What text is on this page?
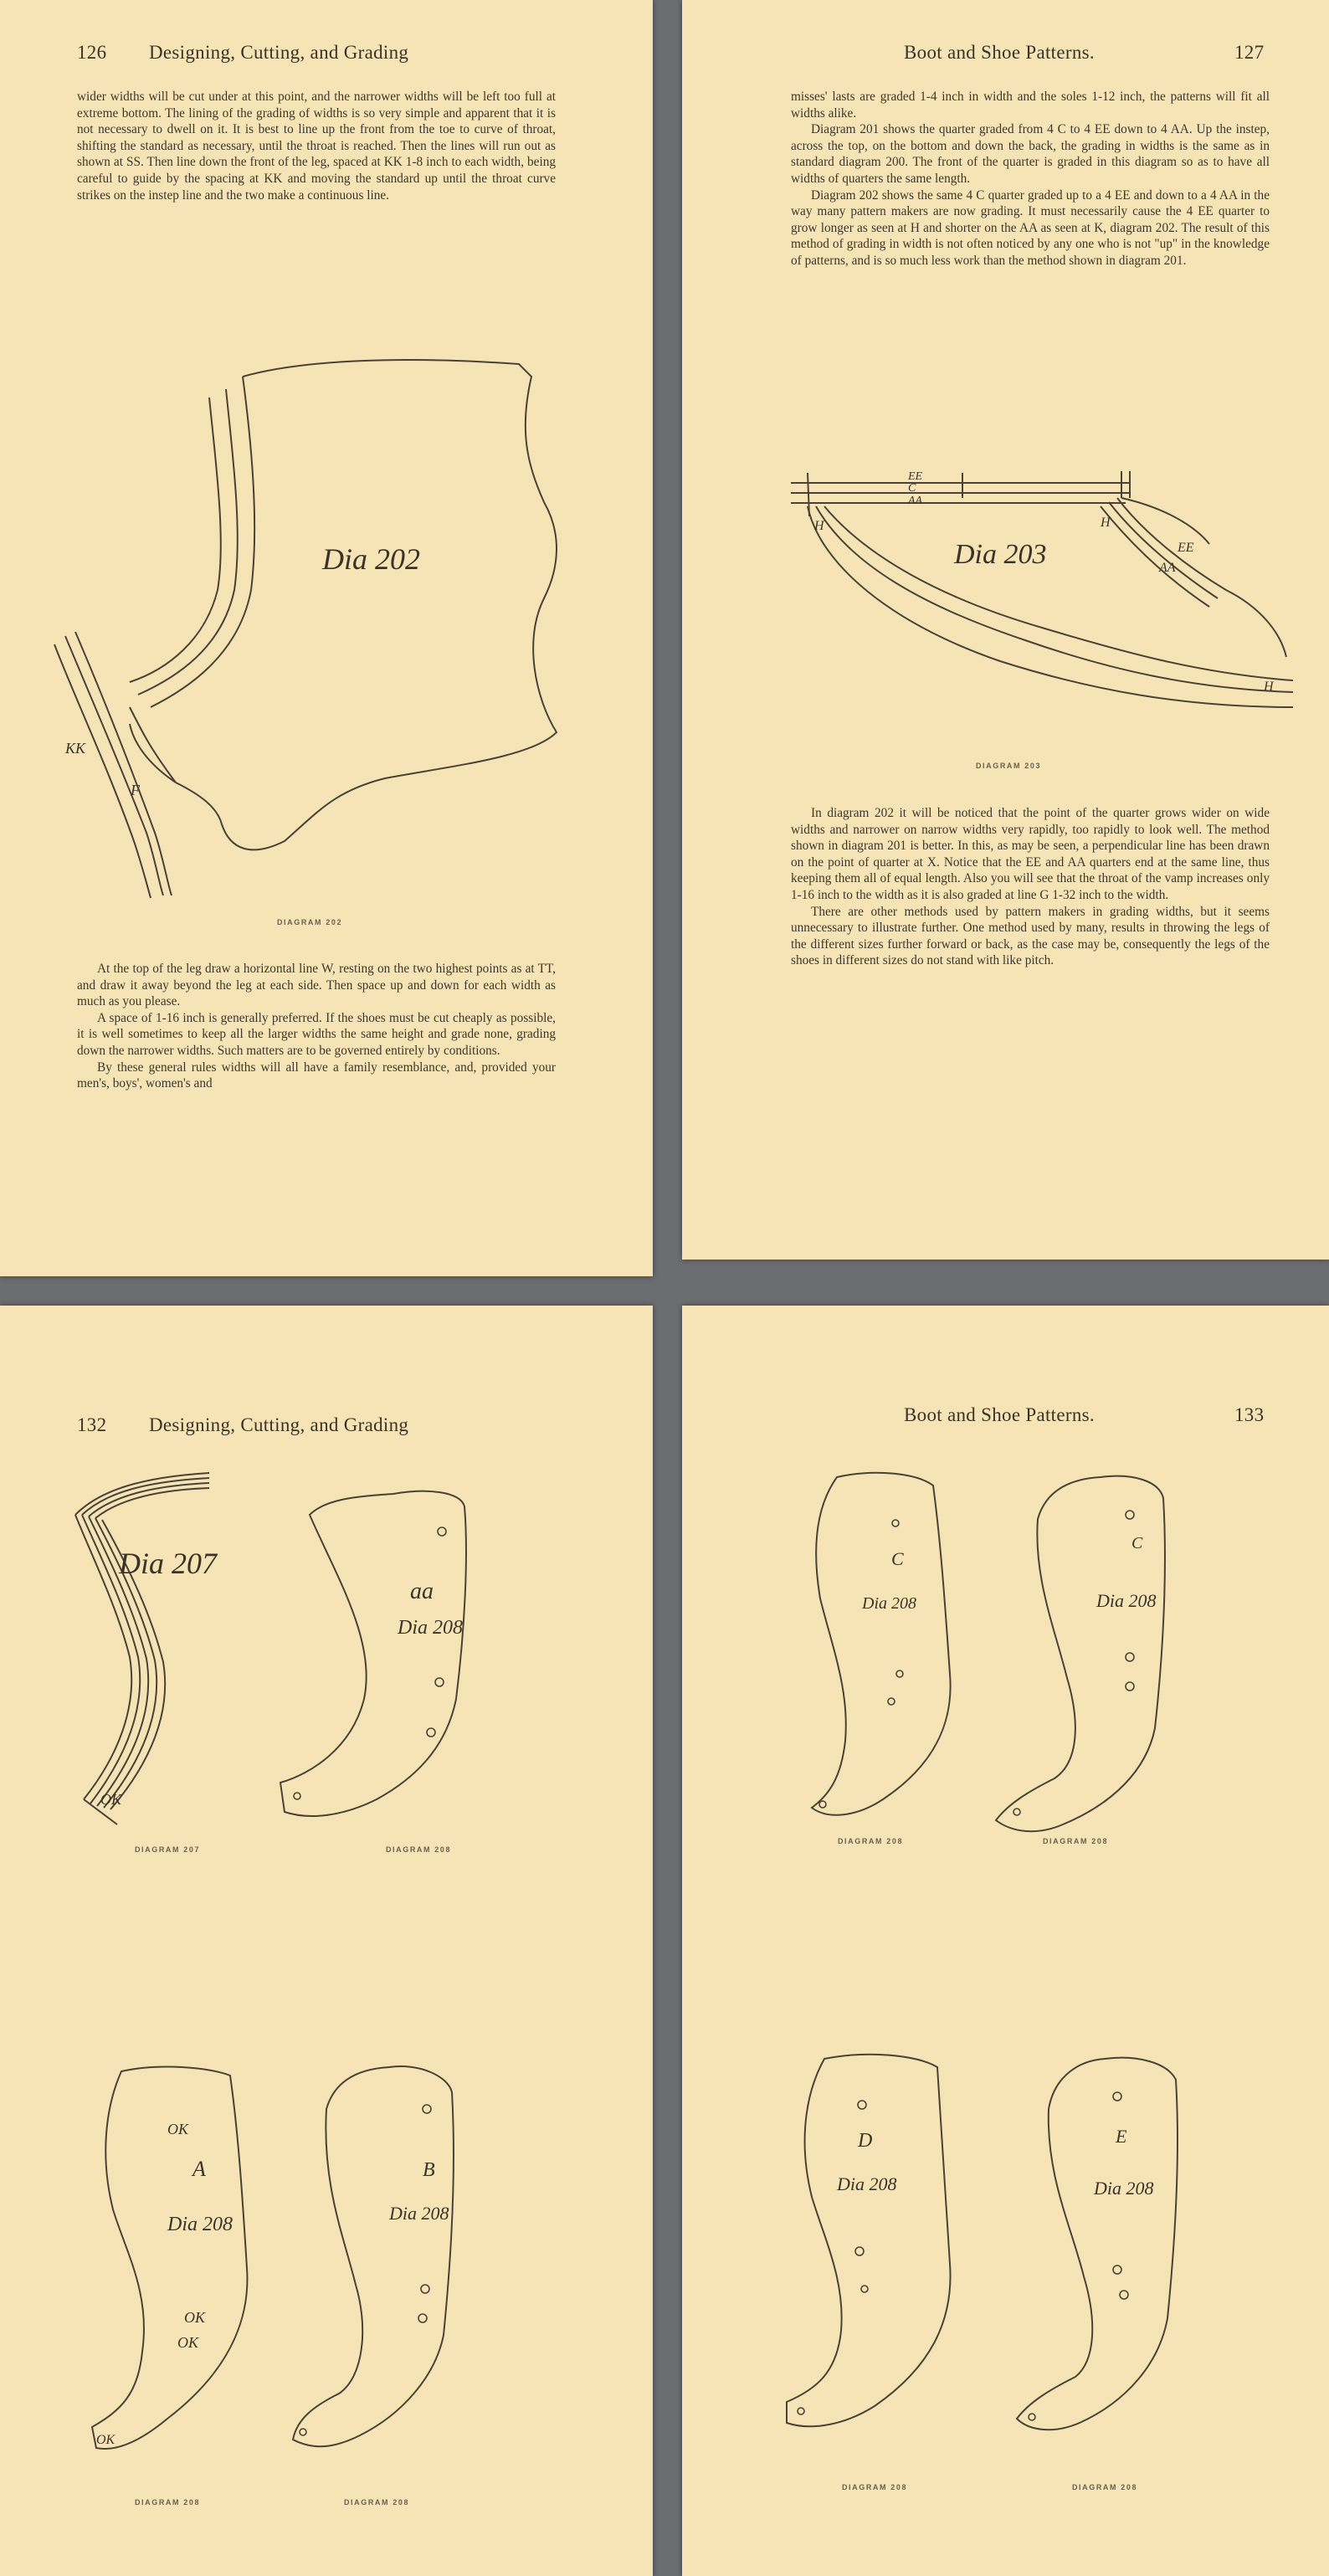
126 Designing, Cutting, and Grading

wider widths will be cut under at this point, and the narrower widths will be left too full at extreme bottom. The lining of the grading of widths is so very simple and apparent that it is not necessary to dwell on it. It is best to line up the front from the toe to curve of throat, shifting the standard as necessary, until the throat is reached. Then the lines will run out as shown at SS. Then line down the front of the leg, spaced at KK 1-8 inch to each width, being careful to guide by the spacing at KK and moving the standard up until the throat curve strikes on the instep line and the two make a continuous line.

Dia 202
KK
F
DIAGRAM 202

At the top of the leg draw a horizontal line W, resting on the two highest points as at TT, and draw it away beyond the leg at each side. Then space up and down for each width as much as you please.

A space of 1-16 inch is generally preferred. If the shoes must be cut cheaply as possible, it is well sometimes to keep all the larger widths the same height and grade none, grading down the narrower widths. Such matters are to be governed entirely by conditions.

By these general rules widths will all have a family resemblance, and, provided your men's, boys', women's and

Boot and Shoe Patterns.	127

misses' lasts are graded 1-4 inch in width and the soles 1-12 inch, the patterns will fit all widths alike.

Diagram 201 shows the quarter graded from 4 C to 4 EE down to 4 AA. Up the instep, across the top, on the bottom and down the back, the grading in widths is the same as in standard diagram 200. The front of the quarter is graded in this diagram so as to have all widths of quarters the same length.

Diagram 202 shows the same 4 C quarter graded up to a 4 EE and down to a 4 AA in the way many pattern makers are now grading. It must necessarily cause the 4 EE quarter to grow longer as seen at H and shorter on the AA as seen at K, diagram 202. The result of this method of grading in width is not often noticed by any one who is not "up" in the knowledge of patterns, and is so much less work than the method shown in diagram 201.

EE
C
AA
H	H
EE
AA
H
Dia 203
DIAGRAM 203

In diagram 202 it will be noticed that the point of the quarter grows wider on wide widths and narrower on narrow widths very rapidly, too rapidly to look well. The method shown in diagram 201 is better. In this, as may be seen, a perpendicular line has been drawn on the point of quarter at X. Notice that the EE and AA quarters end at the same line, thus keeping them all of equal length. Also you will see that the throat of the vamp increases only 1-16 inch to the width as it is also graded at line G 1-32 inch to the width.

There are other methods used by pattern makers in grading widths, but it seems unnecessary to illustrate further. One method used by many, results in throwing the legs of the different sizes further forward or back, as the case may be, consequently the legs of the shoes in different sizes do not stand with like pitch.

132 Designing, Cutting, and Grading
Dia 207
OK
DIAGRAM 207
aa
Dia 208
DIAGRAM 208
OK
A
Dia 208
OK
OK
OK
DIAGRAM 208
B
Dia 208
DIAGRAM 208
Boot and Shoe Patterns.	133
C
Dia 208
DIAGRAM 208
C
Dia 208
DIAGRAM 208
D
Dia 208
DIAGRAM 208
E
Dia 208
DIAGRAM 208
